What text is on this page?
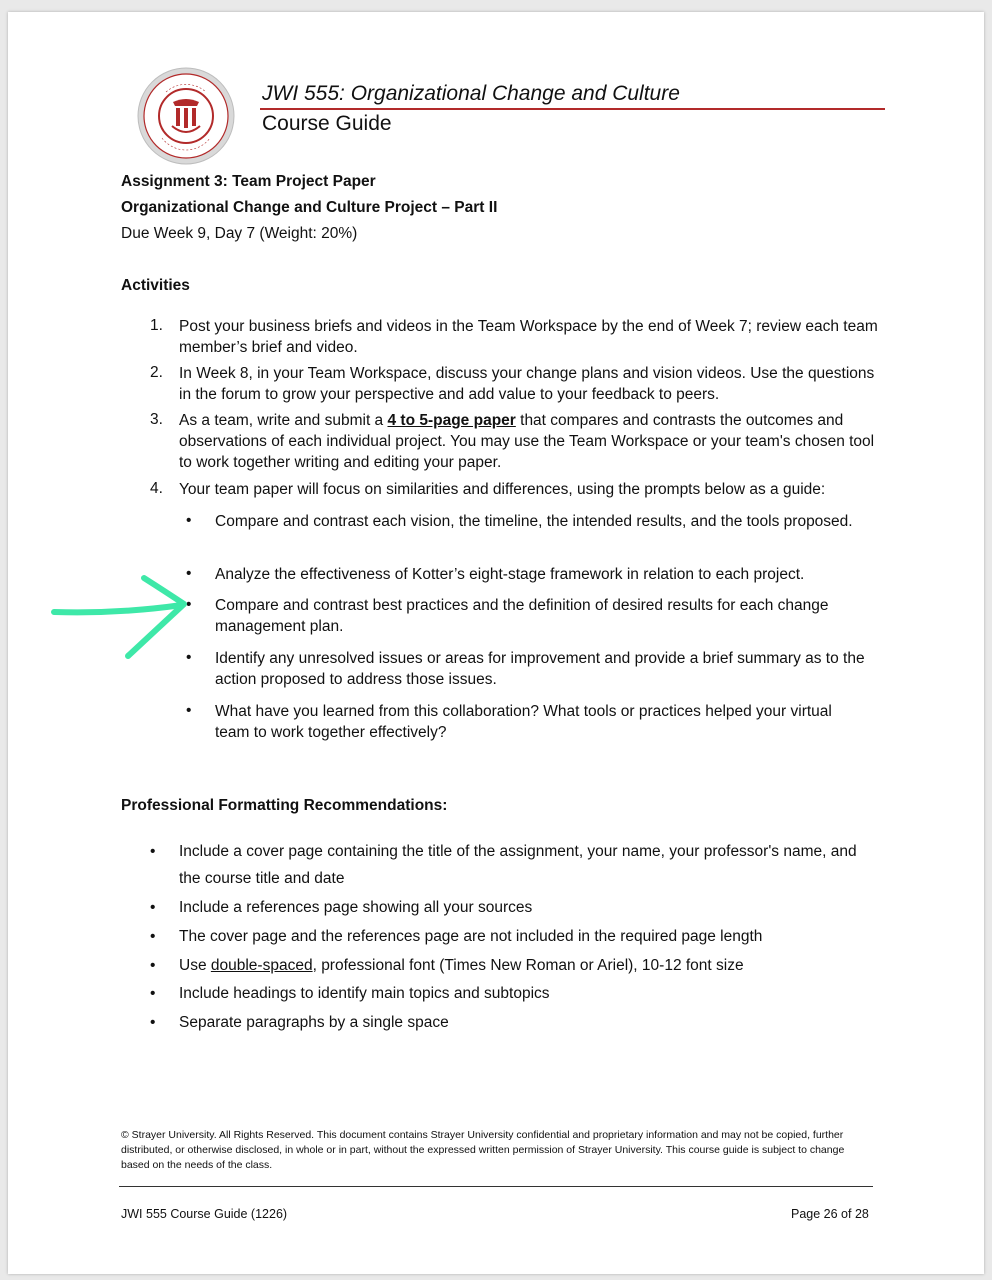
JWI 555: Organizational Change and Culture
Course Guide
Assignment 3: Team Project Paper
Organizational Change and Culture Project – Part II
Due Week 9, Day 7 (Weight: 20%)
Activities
1. Post your business briefs and videos in the Team Workspace by the end of Week 7; review each team member’s brief and video.
2. In Week 8, in your Team Workspace, discuss your change plans and vision videos. Use the questions in the forum to grow your perspective and add value to your feedback to peers.
3. As a team, write and submit a 4 to 5-page paper that compares and contrasts the outcomes and observations of each individual project. You may use the Team Workspace or your team's chosen tool to work together writing and editing your paper.
4. Your team paper will focus on similarities and differences, using the prompts below as a guide:
• Compare and contrast each vision, the timeline, the intended results, and the tools proposed.
• Analyze the effectiveness of Kotter’s eight-stage framework in relation to each project.
• Compare and contrast best practices and the definition of desired results for each change management plan.
• Identify any unresolved issues or areas for improvement and provide a brief summary as to the action proposed to address those issues.
• What have you learned from this collaboration? What tools or practices helped your virtual team to work together effectively?
Professional Formatting Recommendations:
• Include a cover page containing the title of the assignment, your name, your professor's name, and the course title and date
• Include a references page showing all your sources
• The cover page and the references page are not included in the required page length
• Use double-spaced, professional font (Times New Roman or Ariel), 10-12 font size
• Include headings to identify main topics and subtopics
• Separate paragraphs by a single space
© Strayer University. All Rights Reserved. This document contains Strayer University confidential and proprietary information and may not be copied, further distributed, or otherwise disclosed, in whole or in part, without the expressed written permission of Strayer University. This course guide is subject to change based on the needs of the class.
JWI 555 Course Guide (1226)	Page 26 of 28
